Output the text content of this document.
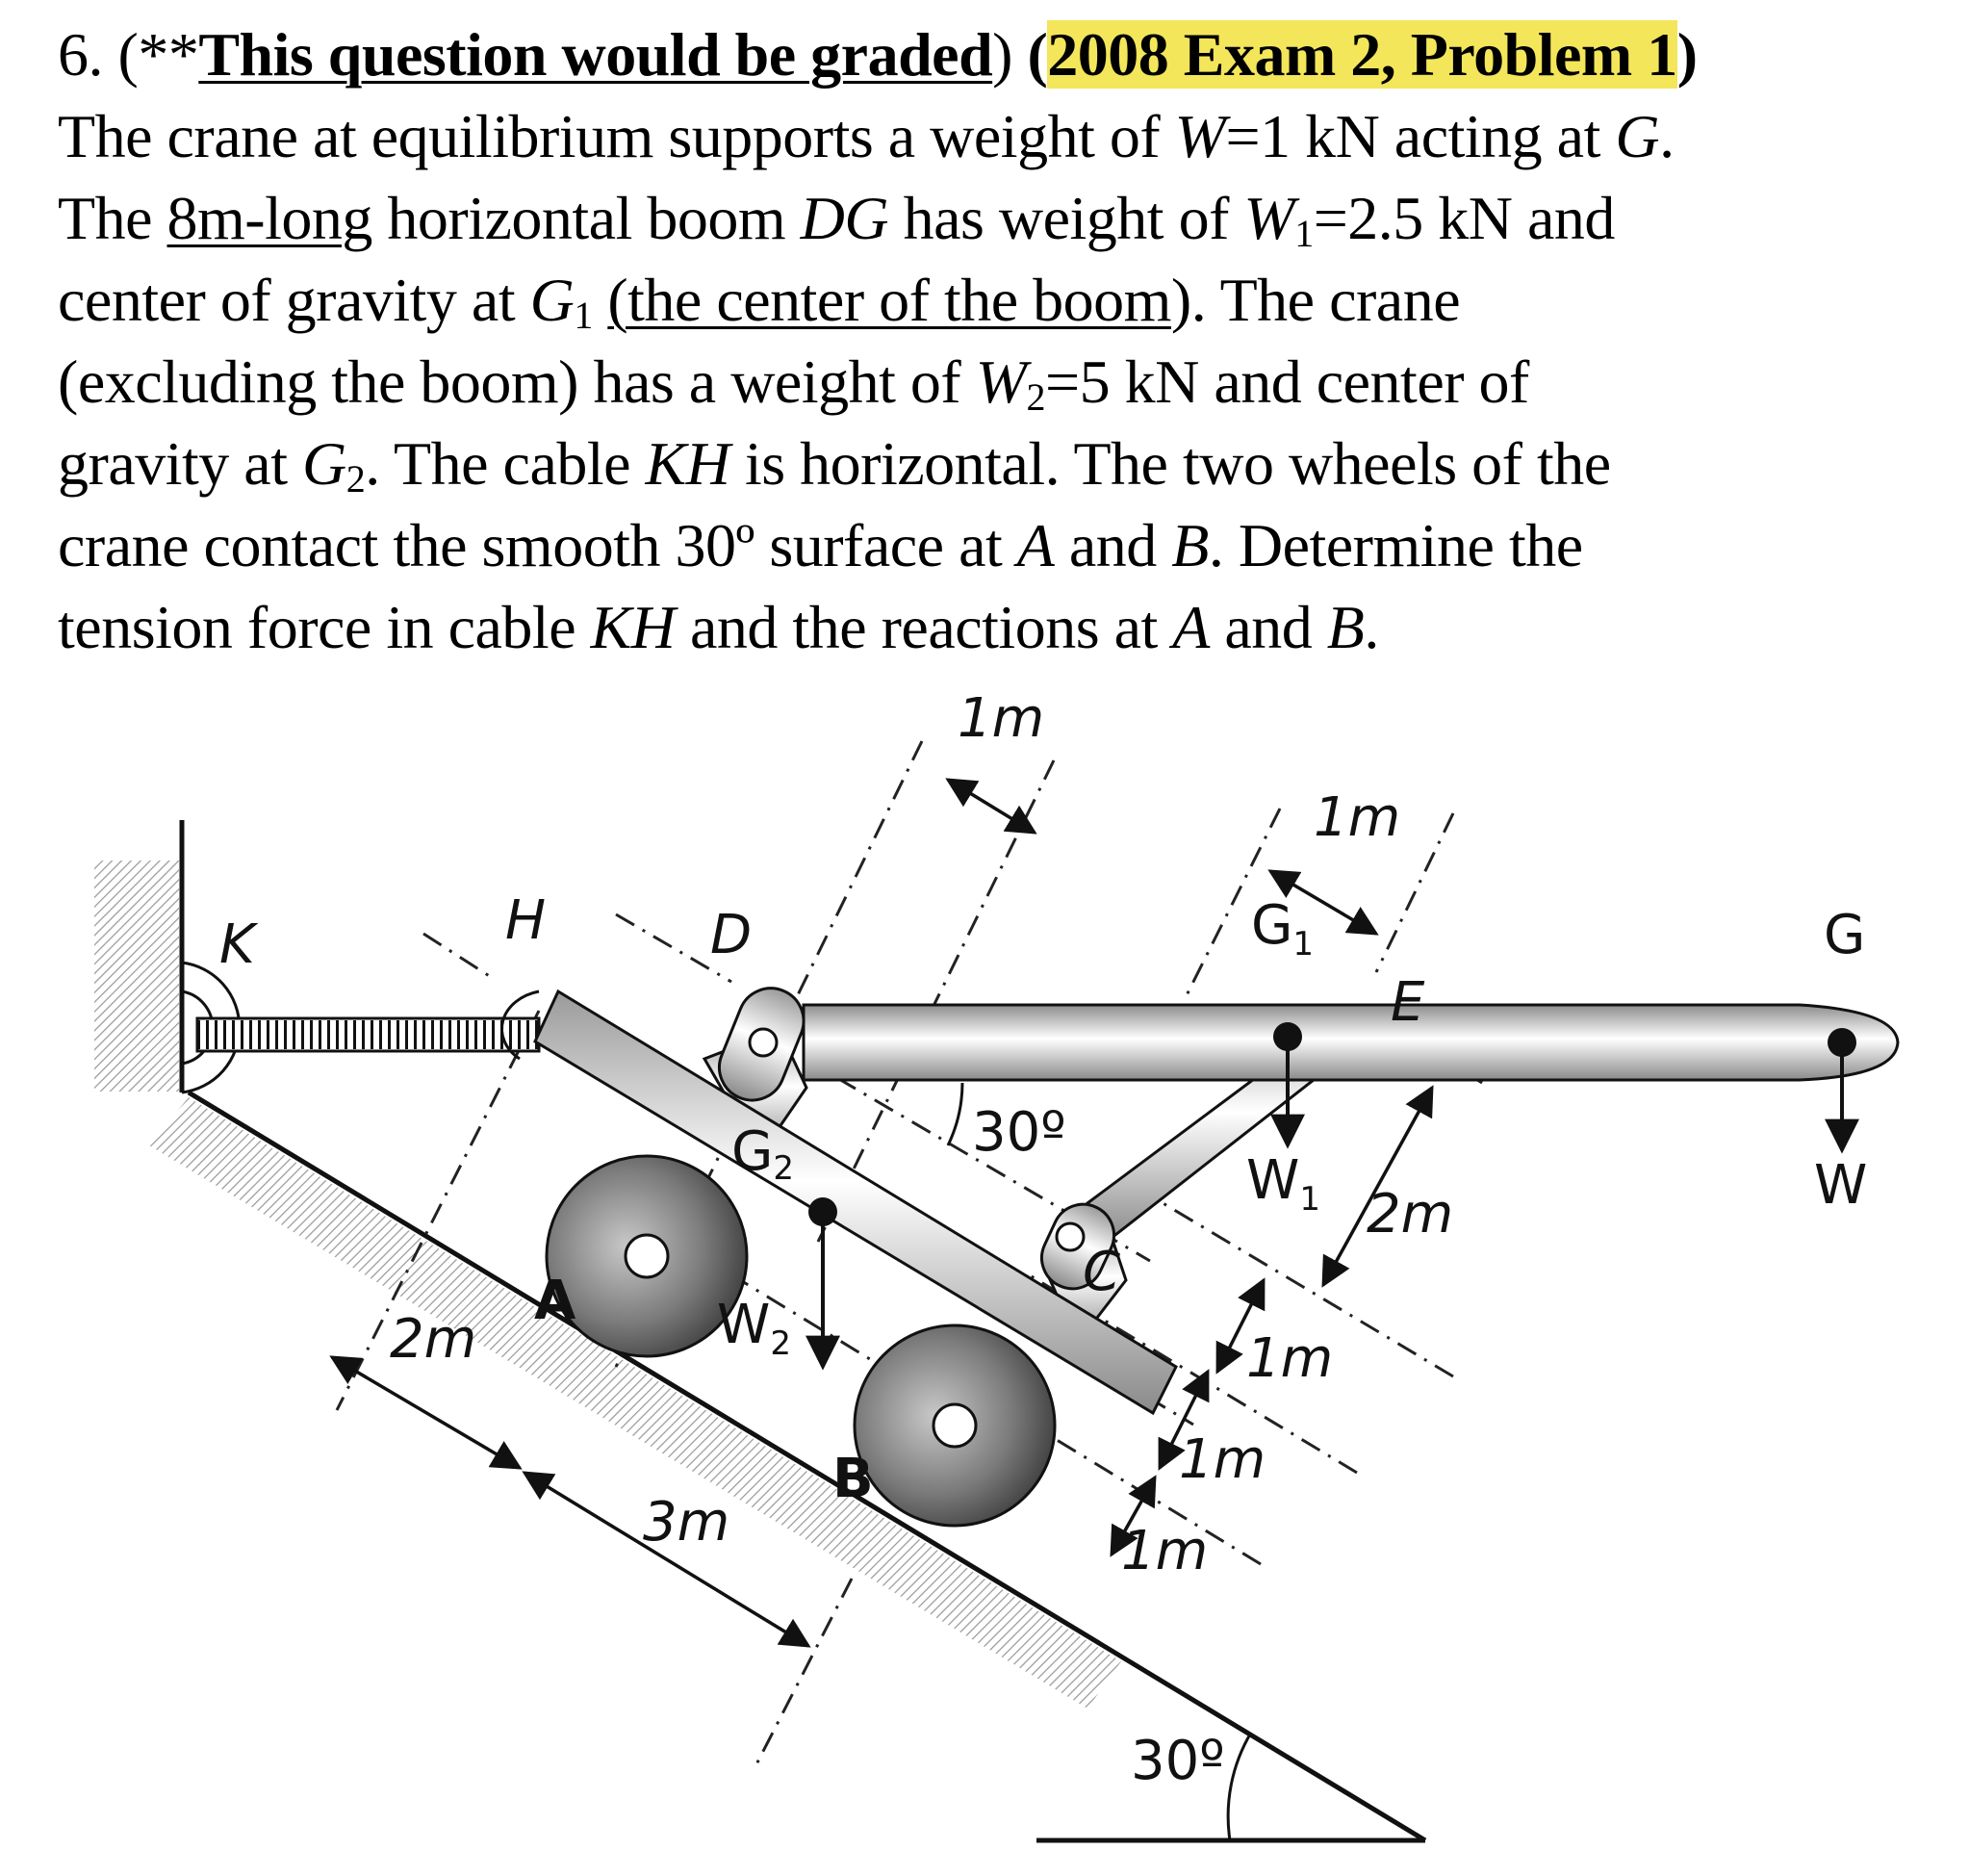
6. (**This question would be graded) (2008 Exam 2, Problem 1)
The crane at equilibrium supports a weight of W=1 kN acting at G.
The 8m-long horizontal boom DG has weight of $W_1=2.5$ kN and
center of gravity at $G_1$ (the center of the boom). The crane
(excluding the boom) has a weight of $W_2=5$ kN and center of
gravity at $G_2$. The cable KH is horizontal. The two wheels of the
crane contact the smooth 30º surface at A and B. Determine the
tension force in cable KH and the reactions at A and B.
K	H	D	$G_1$	G
E
C
G2
A
B
W
$W_1$
$W_2$
30º
30º
1m
1m
2m
1m
1m
1m
2m
3m
